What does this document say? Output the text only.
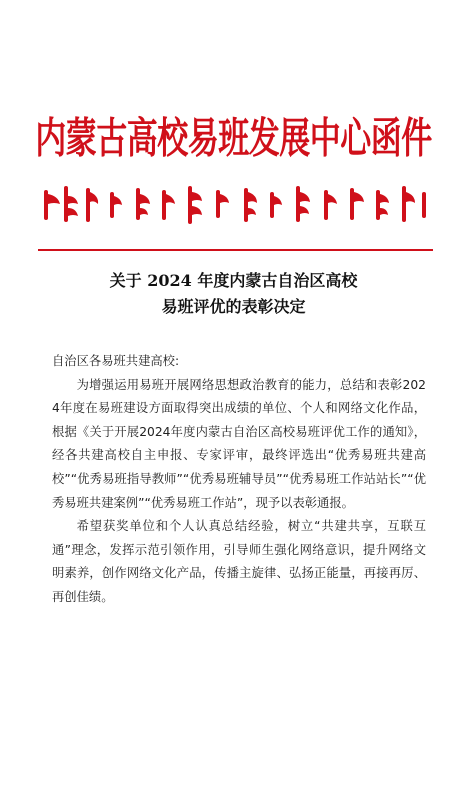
内蒙古高校易班发展中心函件
关于 2024 年度内蒙古自治区高校
易班评优的表彰决定

自治区各易班共建高校:

为增强运用易班开展网络思想政治教育的能力，总结和表彰2024年度在易班建设方面取得突出成绩的单位、个人和网络文化作品，根据《关于开展2024年度内蒙古自治区高校易班评优工作的通知》，经各共建高校自主申报、专家评审，最终评选出“优秀易班共建高校”“优秀易班指导教师”“优秀易班辅导员”“优秀易班工作站站长”“优秀易班共建案例”“优秀易班工作站”，现予以表彰通报。

希望获奖单位和个人认真总结经验，树立“共建共享，互联互通”理念，发挥示范引领作用，引导师生强化网络意识，提升网络文明素养，创作网络文化产品，传播主旋律、弘扬正能量，再接再厉、再创佳绩。
